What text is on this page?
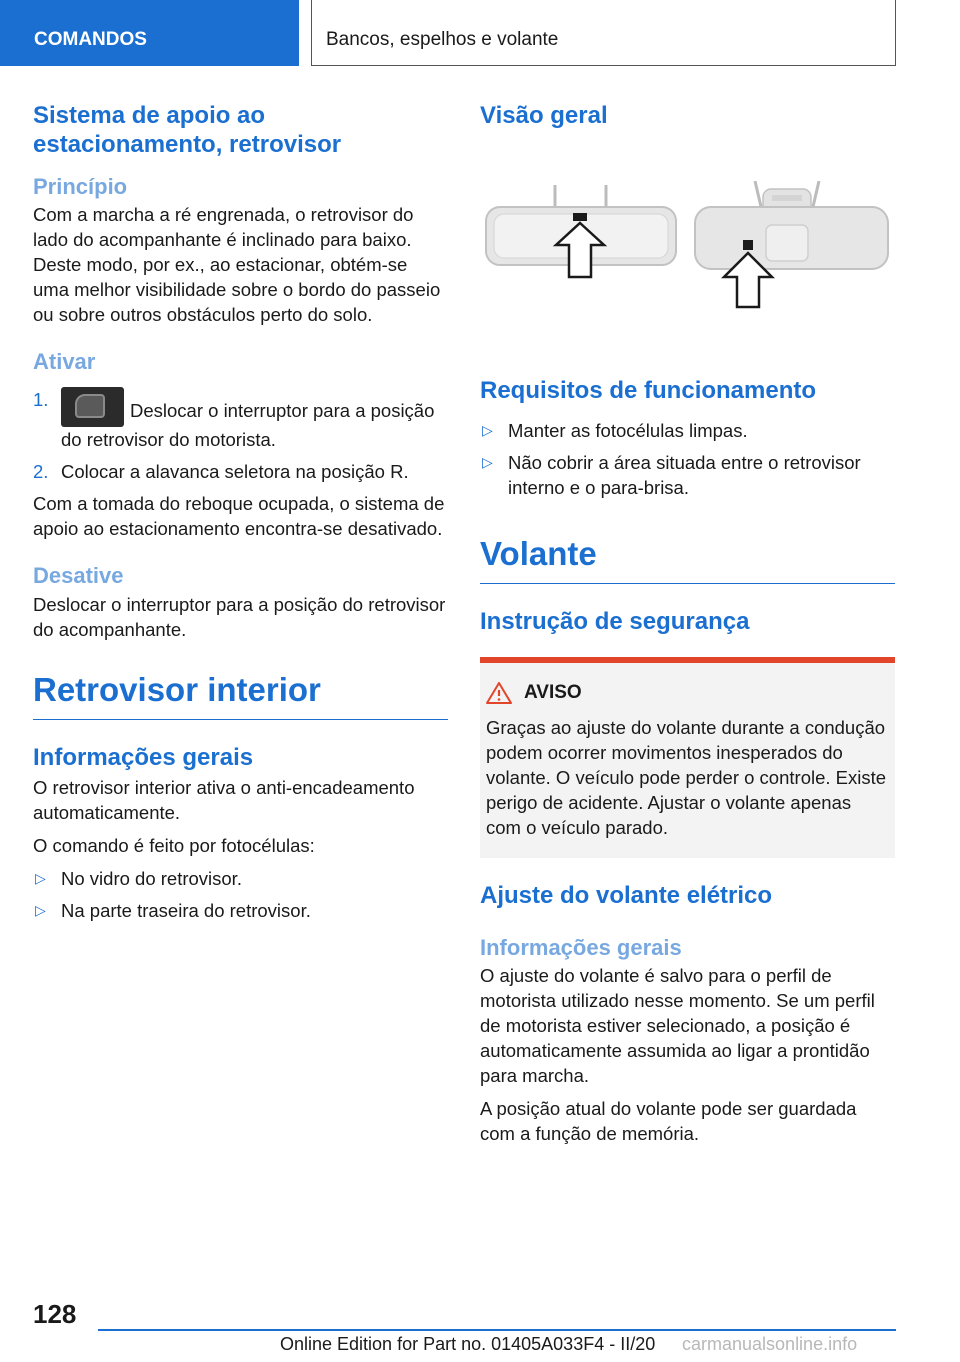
COMANDOS	Bancos, espelhos e volante
Sistema de apoio ao estacionamento, retrovisor
Princípio

Com a marcha a ré engrenada, o retrovisor do lado do acompanhante é inclinado para baixo. Deste modo, por ex., ao estacionar, obtém-se uma melhor visibilidade sobre o bordo do passeio ou sobre outros obstáculos perto do solo.

Ativar
1.
Deslocar o interruptor para a posição do retrovisor do motorista.
2. Colocar a alavanca seletora na posição R.

Com a tomada do reboque ocupada, o sistema de apoio ao estacionamento encontra-se desativado.

Desative

Deslocar o interruptor para a posição do retrovisor do acompanhante.

Retrovisor interior
Informações gerais

O retrovisor interior ativa o anti-encadeamento automaticamente.

O comando é feito por fotocélulas:

▷ No vidro do retrovisor.
▷ Na parte traseira do retrovisor.
Visão geral
Requisitos de funcionamento
▷ Manter as fotocélulas limpas.
▷ Não cobrir a área situada entre o retrovisor interno e o para-brisa.
Volante
Instrução de segurança
AVISO

Graças ao ajuste do volante durante a condução podem ocorrer movimentos inesperados do volante. O veículo pode perder o controle. Existe perigo de acidente. Ajustar o volante apenas com o veículo parado.

Ajuste do volante elétrico
Informações gerais

O ajuste do volante é salvo para o perfil de motorista utilizado nesse momento. Se um perfil de motorista estiver selecionado, a posição é automaticamente assumida ao ligar a prontidão para marcha.

A posição atual do volante pode ser guardada com a função de memória.

128
Online Edition for Part no. 01405A033F4 - II/20 carmanualsonline.info
